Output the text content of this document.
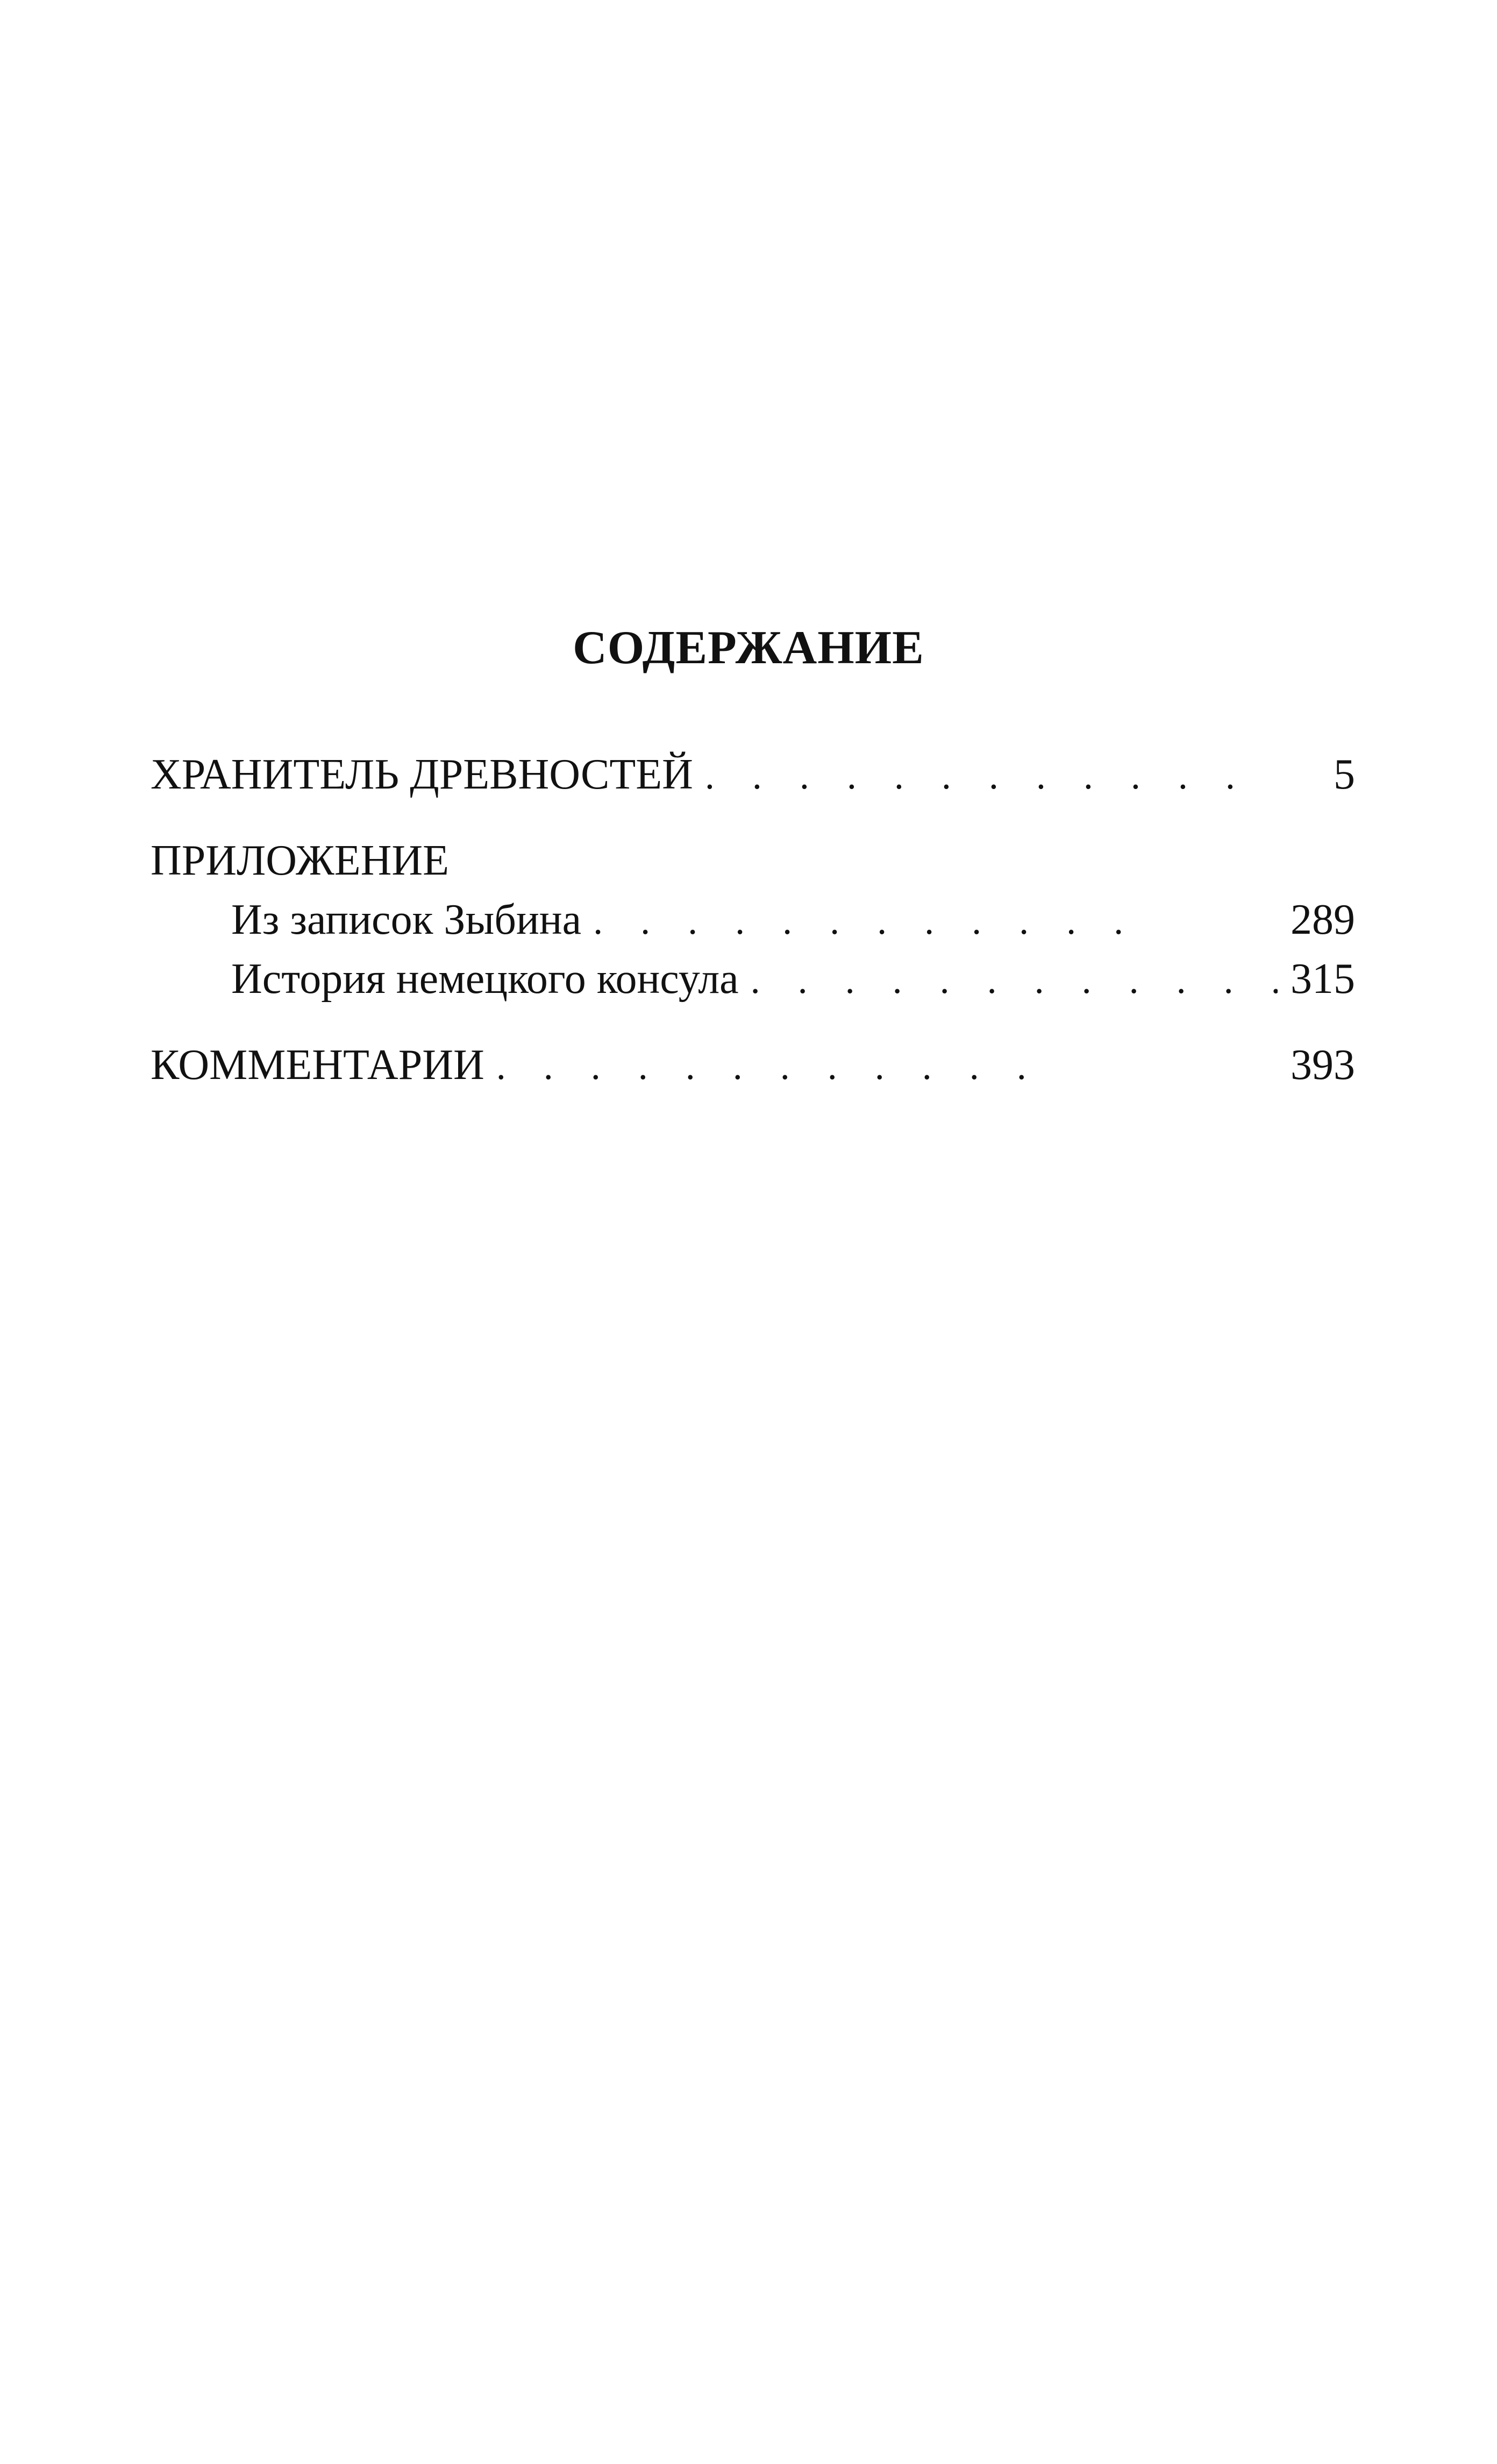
СОДЕРЖАНИЕ
ХРАНИТЕЛЬ ДРЕВНОСТЕЙ . . .	5
ПРИЛОЖЕНИЕ
Из записок Зыбина . . .	289
История немецкого консула . . .	315
КОММЕНТАРИИ . . .	393
